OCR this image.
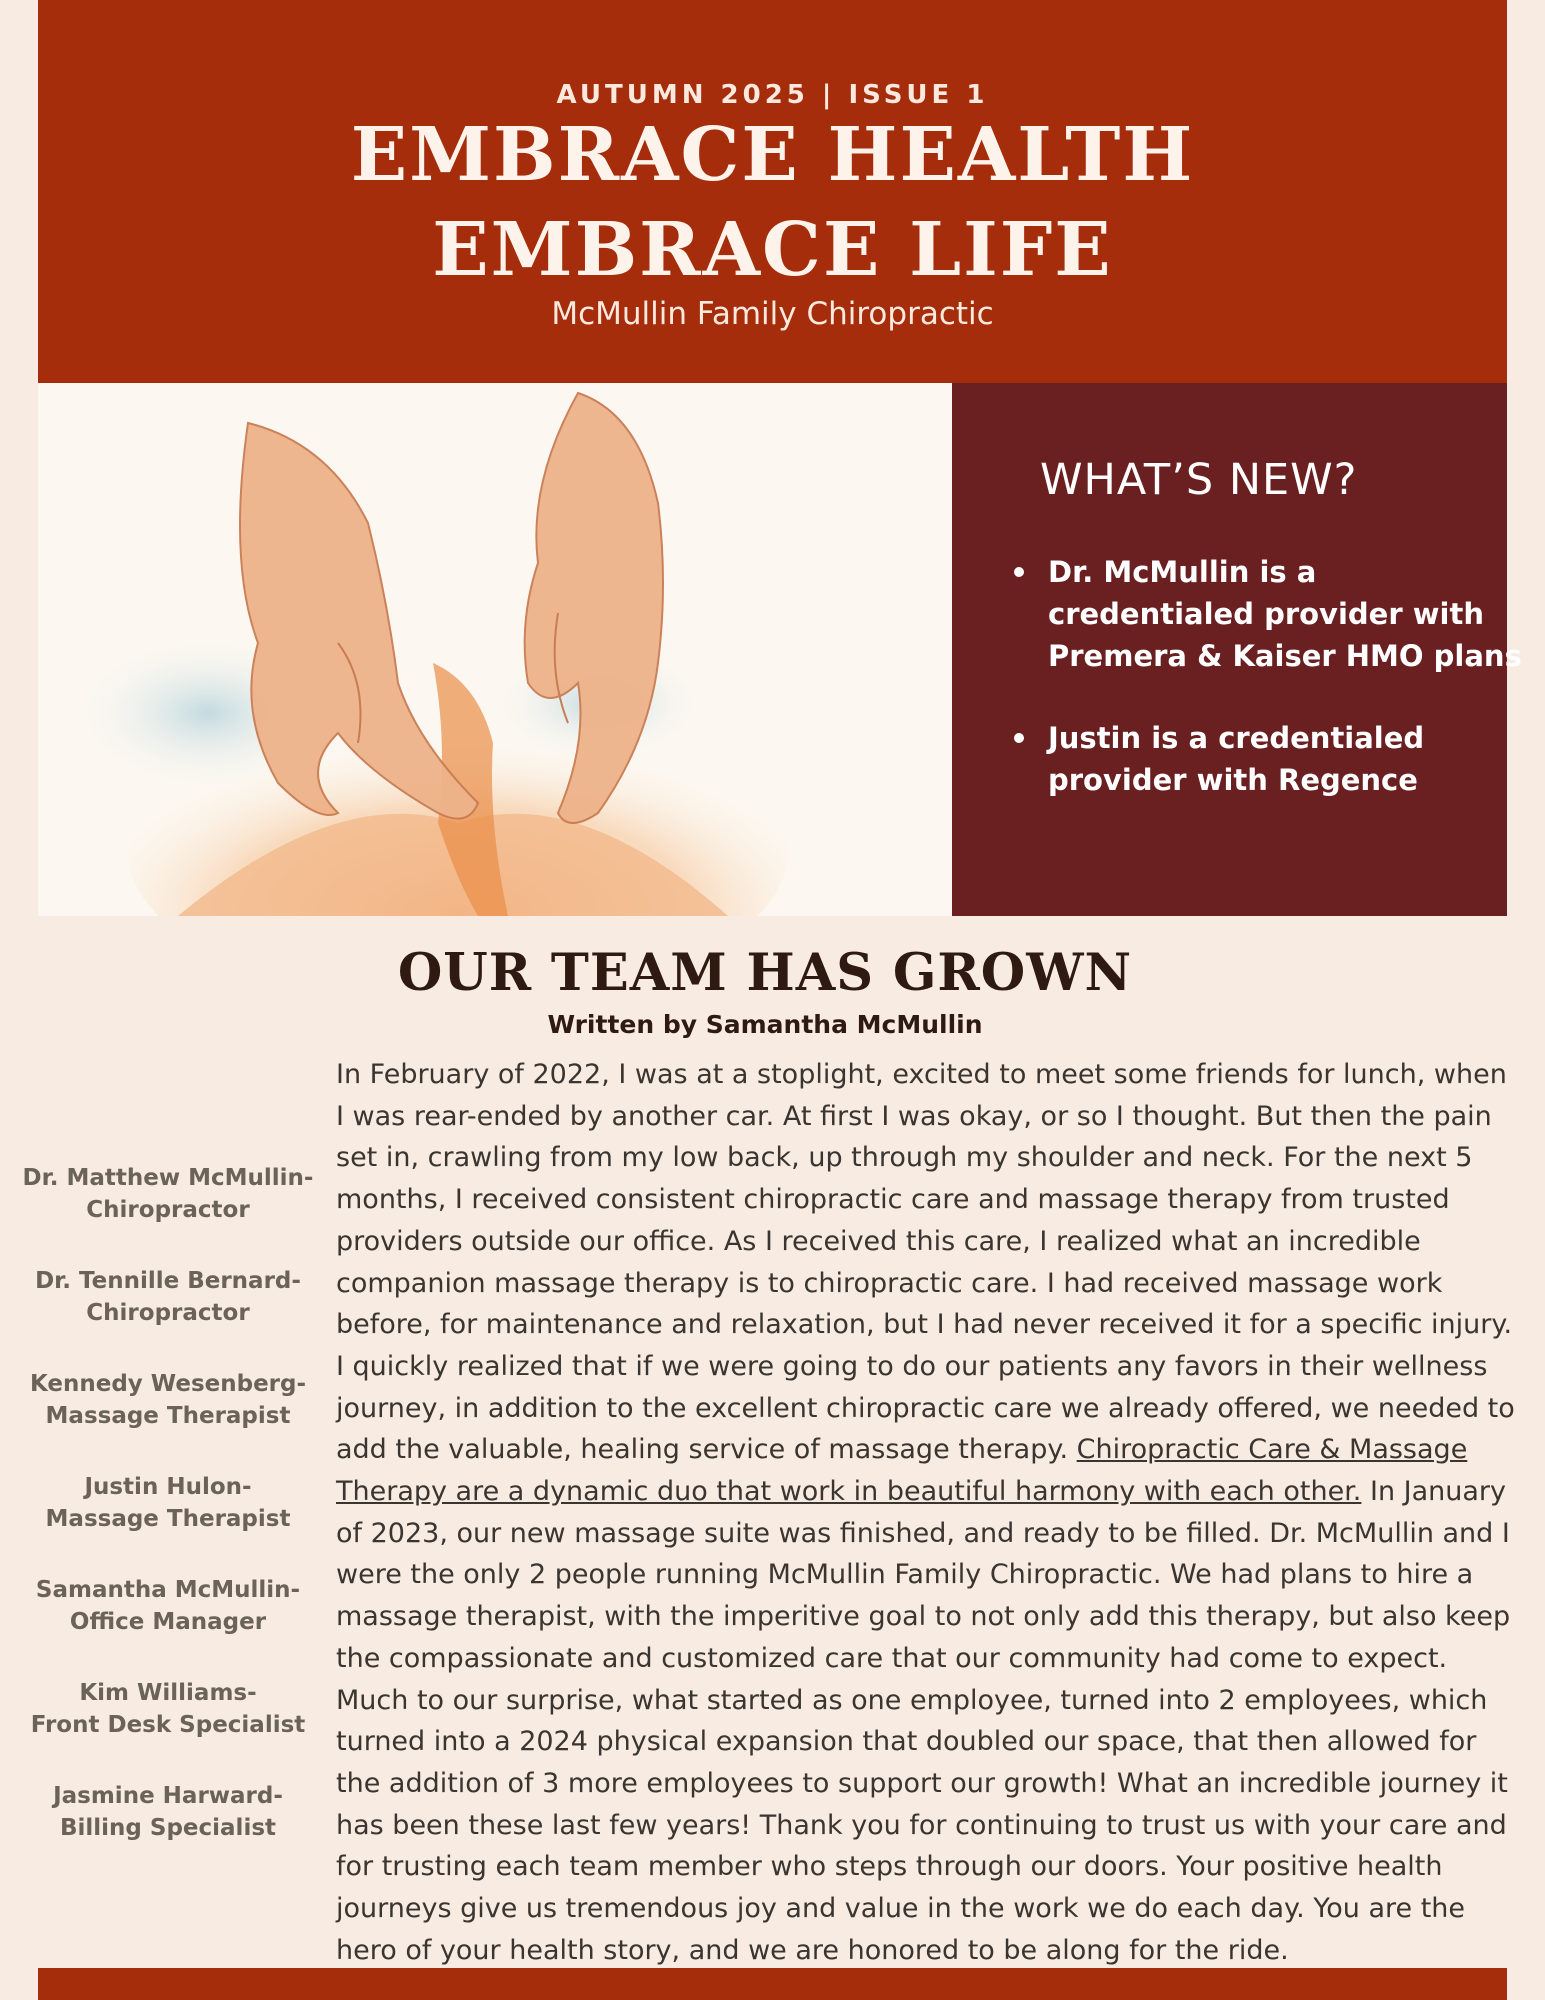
AUTUMN 2025 | ISSUE 1
EMBRACE HEALTH
EMBRACE LIFE
McMullin Family Chiropractic
WHAT’S NEW?
Dr. McMullin is a credentialed provider with Premera & Kaiser HMO plans
Justin is a credentialed provider with Regence
OUR TEAM HAS GROWN
Written by Samantha McMullin
Dr. Matthew McMullin-
Chiropractor
Dr. Tennille Bernard-
Chiropractor
Kennedy Wesenberg-
Massage Therapist
Justin Hulon-
Massage Therapist
Samantha McMullin-
Office Manager
Kim Williams-
Front Desk Specialist
Jasmine Harward-
Billing Specialist
In February of 2022, I was at a stoplight, excited to meet some friends for lunch, when I was rear-ended by another car. At first I was okay, or so I thought. But then the pain set in, crawling from my low back, up through my shoulder and neck. For the next 5 months, I received consistent chiropractic care and massage therapy from trusted providers outside our office. As I received this care, I realized what an incredible companion massage therapy is to chiropractic care. I had received massage work before, for maintenance and relaxation, but I had never received it for a specific injury. I quickly realized that if we were going to do our patients any favors in their wellness journey, in addition to the excellent chiropractic care we already offered, we needed to add the valuable, healing service of massage therapy. Chiropractic Care & Massage Therapy are a dynamic duo that work in beautiful harmony with each other. In January of 2023, our new massage suite was finished, and ready to be filled. Dr. McMullin and I were the only 2 people running McMullin Family Chiropractic. We had plans to hire a massage therapist, with the imperitive goal to not only add this therapy, but also keep the compassionate and customized care that our community had come to expect. Much to our surprise, what started as one employee, turned into 2 employees, which turned into a 2024 physical expansion that doubled our space, that then allowed for the addition of 3 more employees to support our growth! What an incredible journey it has been these last few years! Thank you for continuing to trust us with your care and for trusting each team member who steps through our doors. Your positive health journeys give us tremendous joy and value in the work we do each day. You are the hero of your health story, and we are honored to be along for the ride.
